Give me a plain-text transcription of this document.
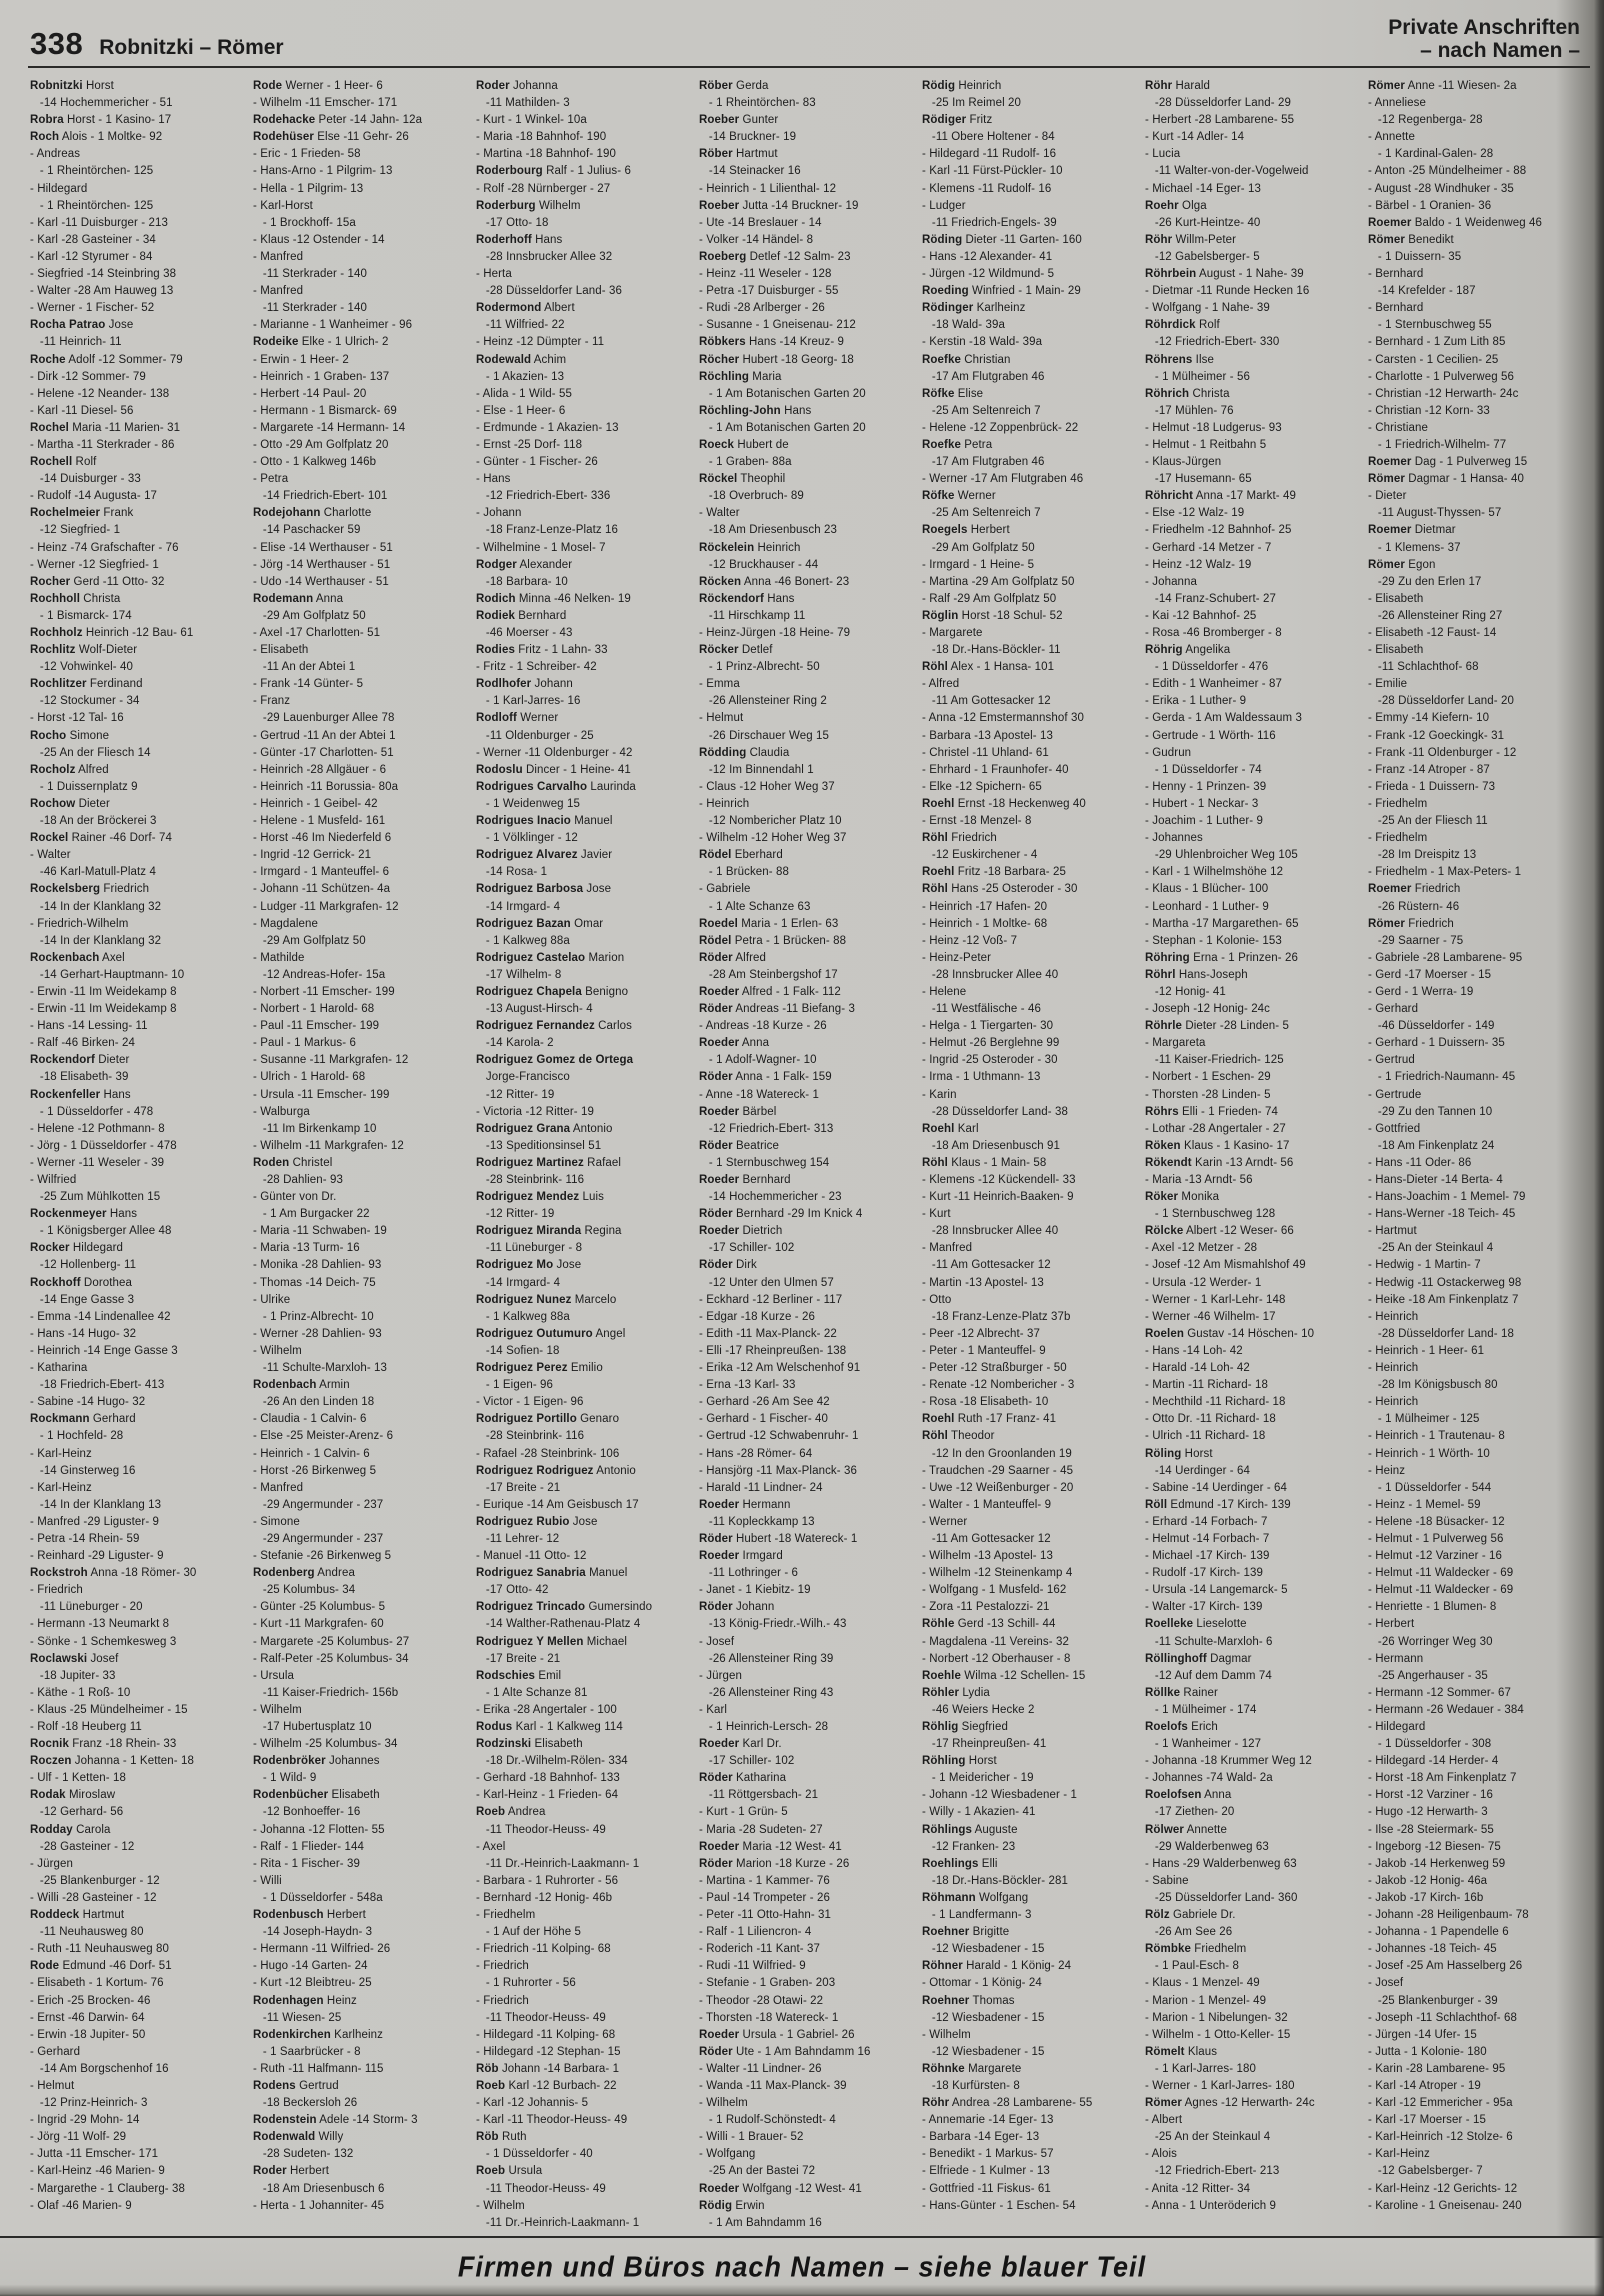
338 Robnitzki – Römer
Private Anschriften
– nach Namen –
Robnitzki Horst
-14 Hochemmericher - 51
Robra Horst - 1 Kasino- 17
Roch Alois - 1 Moltke- 92
- Andreas
- 1 Rheintörchen- 125
- Hildegard
- 1 Rheintörchen- 125
- Karl -11 Duisburger - 213
- Karl -28 Gasteiner - 34
- Karl -12 Styrumer - 84
- Siegfried -14 Steinbring 38
- Walter -28 Am Hauweg 13
- Werner - 1 Fischer- 52
Rocha Patrao Jose
-11 Heinrich- 11
Roche Adolf -12 Sommer- 79
- Dirk -12 Sommer- 79
- Helene -12 Neander- 138
- Karl -11 Diesel- 56
Rochel Maria -11 Marien- 31
- Martha -11 Sterkrader - 86
Rochell Rolf
-14 Duisburger - 33
- Rudolf -14 Augusta- 17
Rochelmeier Frank
-12 Siegfried- 1
- Heinz -74 Grafschafter - 76
- Werner -12 Siegfried- 1
Rocher Gerd -11 Otto- 32
Rochholl Christa
- 1 Bismarck- 174
Rochholz Heinrich -12 Bau- 61
Rochlitz Wolf-Dieter
-12 Vohwinkel- 40
Rochlitzer Ferdinand
-12 Stockumer - 34
- Horst -12 Tal- 16
Rocho Simone
-25 An der Fliesch 14
Rocholz Alfred
- 1 Duissernplatz 9
Rochow Dieter
-18 An der Bröckerei 3
Rockel Rainer -46 Dorf- 74
- Walter
-46 Karl-Matull-Platz 4
Rockelsberg Friedrich
-14 In der Klanklang 32
- Friedrich-Wilhelm
-14 In der Klanklang 32
Rockenbach Axel
-14 Gerhart-Hauptmann- 10
- Erwin -11 Im Weidekamp 8
- Erwin -11 Im Weidekamp 8
- Hans -14 Lessing- 11
- Ralf -46 Birken- 24
Rockendorf Dieter
-18 Elisabeth- 39
Rockenfeller Hans
- 1 Düsseldorfer - 478
- Helene -12 Pothmann- 8
- Jörg - 1 Düsseldorfer - 478
- Werner -11 Weseler - 39
- Wilfried
-25 Zum Mühlkotten 15
Rockenmeyer Hans
- 1 Königsberger Allee 48
Rocker Hildegard
-12 Hollenberg- 11
Rockhoff Dorothea
-14 Enge Gasse 3
- Emma -14 Lindenallee 42
- Hans -14 Hugo- 32
- Heinrich -14 Enge Gasse 3
- Katharina
-18 Friedrich-Ebert- 413
- Sabine -14 Hugo- 32
Rockmann Gerhard
- 1 Hochfeld- 28
- Karl-Heinz
-14 Ginsterweg 16
- Karl-Heinz
-14 In der Klanklang 13
- Manfred -29 Liguster- 9
- Petra -14 Rhein- 59
- Reinhard -29 Liguster- 9
Rockstroh Anna -18 Römer- 30
- Friedrich
-11 Lüneburger - 20
- Hermann -13 Neumarkt 8
- Sönke - 1 Schemkesweg 3
Roclawski Josef
-18 Jupiter- 33
- Käthe - 1 Roß- 10
- Klaus -25 Mündelheimer - 15
- Rolf -18 Heuberg 11
Rocnik Franz -18 Rhein- 33
Roczen Johanna - 1 Ketten- 18
- Ulf - 1 Ketten- 18
Rodak Miroslaw
-12 Gerhard- 56
Rodday Carola
-28 Gasteiner - 12
- Jürgen
-25 Blankenburger - 12
- Willi -28 Gasteiner - 12
Roddeck Hartmut
-11 Neuhausweg 80
- Ruth -11 Neuhausweg 80
Rode Edmund -46 Dorf- 51
- Elisabeth - 1 Kortum- 76
- Erich -25 Brocken- 46
- Ernst -46 Darwin- 64
- Erwin -18 Jupiter- 50
- Gerhard
-14 Am Borgschenhof 16
- Helmut
-12 Prinz-Heinrich- 3
- Ingrid -29 Mohn- 14
- Jörg -11 Wolf- 29
- Jutta -11 Emscher- 171
- Karl-Heinz -46 Marien- 9
- Margarethe - 1 Clauberg- 38
- Olaf -46 Marien- 9
Rode Werner - 1 Heer- 6
- Wilhelm -11 Emscher- 171
Rodehacke Peter -14 Jahn- 12a
Rodehüser Else -11 Gehr- 26
- Eric - 1 Frieden- 58
- Hans-Arno - 1 Pilgrim- 13
- Hella - 1 Pilgrim- 13
- Karl-Horst
- 1 Brockhoff- 15a
- Klaus -12 Ostender - 14
- Manfred
-11 Sterkrader - 140
- Manfred
-11 Sterkrader - 140
- Marianne - 1 Wanheimer - 96
Rodeike Elke - 1 Ulrich- 2
- Erwin - 1 Heer- 2
- Heinrich - 1 Graben- 137
- Herbert -14 Paul- 20
- Hermann - 1 Bismarck- 69
- Margarete -14 Hermann- 14
- Otto -29 Am Golfplatz 20
- Otto - 1 Kalkweg 146b
- Petra
-14 Friedrich-Ebert- 101
Rodejohann Charlotte
-14 Paschacker 59
- Elise -14 Werthauser - 51
- Jörg -14 Werthauser - 51
- Udo -14 Werthauser - 51
Rodemann Anna
-29 Am Golfplatz 50
- Axel -17 Charlotten- 51
- Elisabeth
-11 An der Abtei 1
- Frank -14 Günter- 5
- Franz
-29 Lauenburger Allee 78
- Gertrud -11 An der Abtei 1
- Günter -17 Charlotten- 51
- Heinrich -28 Allgäuer - 6
- Heinrich -11 Borussia- 80a
- Heinrich - 1 Geibel- 42
- Helene - 1 Musfeld- 161
- Horst -46 Im Niederfeld 6
- Ingrid -12 Gerrick- 21
- Irmgard - 1 Manteuffel- 6
- Johann -11 Schützen- 4a
- Ludger -11 Markgrafen- 12
- Magdalene
-29 Am Golfplatz 50
- Mathilde
-12 Andreas-Hofer- 15a
- Norbert -11 Emscher- 199
- Norbert - 1 Harold- 68
- Paul -11 Emscher- 199
- Paul - 1 Markus- 6
- Susanne -11 Markgrafen- 12
- Ulrich - 1 Harold- 68
- Ursula -11 Emscher- 199
- Walburga
-11 Im Birkenkamp 10
- Wilhelm -11 Markgrafen- 12
Roden Christel
-28 Dahlien- 93
- Günter von Dr.
- 1 Am Burgacker 22
- Maria -11 Schwaben- 19
- Maria -13 Turm- 16
- Monika -28 Dahlien- 93
- Thomas -14 Deich- 75
- Ulrike
- 1 Prinz-Albrecht- 10
- Werner -28 Dahlien- 93
- Wilhelm
-11 Schulte-Marxloh- 13
Rodenbach Armin
-26 An den Linden 18
- Claudia - 1 Calvin- 6
- Else -25 Meister-Arenz- 6
- Heinrich - 1 Calvin- 6
- Horst -26 Birkenweg 5
- Manfred
-29 Angermunder - 237
- Simone
-29 Angermunder - 237
- Stefanie -26 Birkenweg 5
Rodenberg Andrea
-25 Kolumbus- 34
- Günter -25 Kolumbus- 5
- Kurt -11 Markgrafen- 60
- Margarete -25 Kolumbus- 27
- Ralf-Peter -25 Kolumbus- 34
- Ursula
-11 Kaiser-Friedrich- 156b
- Wilhelm
-17 Hubertusplatz 10
- Wilhelm -25 Kolumbus- 34
Rodenbröker Johannes
- 1 Wild- 9
Rodenbücher Elisabeth
-12 Bonhoeffer- 16
- Johanna -12 Flotten- 55
- Ralf - 1 Flieder- 144
- Rita - 1 Fischer- 39
- Willi
- 1 Düsseldorfer - 548a
Rodenbusch Herbert
-14 Joseph-Haydn- 3
- Hermann -11 Wilfried- 26
- Hugo -14 Garten- 24
- Kurt -12 Bleibtreu- 25
Rodenhagen Heinz
-11 Wiesen- 25
Rodenkirchen Karlheinz
- 1 Saarbrücker - 8
- Ruth -11 Halfmann- 115
Rodens Gertrud
-18 Beckersloh 26
Rodenstein Adele -14 Storm- 3
Rodenwald Willy
-28 Sudeten- 132
Roder Herbert
-18 Am Driesenbusch 6
- Herta - 1 Johanniter- 45
Roder Johanna
-11 Mathilden- 3
- Kurt - 1 Winkel- 10a
- Maria -18 Bahnhof- 190
- Martina -18 Bahnhof- 190
Roderbourg Ralf - 1 Julius- 6
- Rolf -28 Nürnberger - 27
Roderburg Wilhelm
-17 Otto- 18
Roderhoff Hans
-28 Innsbrucker Allee 32
- Herta
-28 Düsseldorfer Land- 36
Rodermond Albert
-11 Wilfried- 22
- Heinz -12 Dümpter - 11
Rodewald Achim
- 1 Akazien- 13
- Alida - 1 Wild- 55
- Else - 1 Heer- 6
- Erdmunde - 1 Akazien- 13
- Ernst -25 Dorf- 118
- Günter - 1 Fischer- 26
- Hans
-12 Friedrich-Ebert- 336
- Johann
-18 Franz-Lenze-Platz 16
- Wilhelmine - 1 Mosel- 7
Rodger Alexander
-18 Barbara- 10
Rodich Minna -46 Nelken- 19
Rodiek Bernhard
-46 Moerser - 43
Rodies Fritz - 1 Lahn- 33
- Fritz - 1 Schreiber- 42
Rodlhofer Johann
- 1 Karl-Jarres- 16
Rodloff Werner
-11 Oldenburger - 25
- Werner -11 Oldenburger - 42
Rodoslu Dincer - 1 Heine- 41
Rodrigues Carvalho Laurinda
- 1 Weidenweg 15
Rodrigues Inacio Manuel
- 1 Völklinger - 12
Rodriguez Alvarez Javier
-14 Rosa- 1
Rodriguez Barbosa Jose
-14 Irmgard- 4
Rodriguez Bazan Omar
- 1 Kalkweg 88a
Rodriguez Castelao Marion
-17 Wilhelm- 8
Rodriguez Chapela Benigno
-13 August-Hirsch- 4
Rodriguez Fernandez Carlos
-14 Karola- 2
Rodriguez Gomez de Ortega
Jorge-Francisco
-12 Ritter- 19
- Victoria -12 Ritter- 19
Rodriguez Grana Antonio
-13 Speditionsinsel 51
Rodriguez Martinez Rafael
-28 Steinbrink- 116
Rodriguez Mendez Luis
-12 Ritter- 19
Rodriguez Miranda Regina
-11 Lüneburger - 8
Rodriguez Mo Jose
-14 Irmgard- 4
Rodriguez Nunez Marcelo
- 1 Kalkweg 88a
Rodriguez Outumuro Angel
-14 Sofien- 18
Rodriguez Perez Emilio
- 1 Eigen- 96
- Victor - 1 Eigen- 96
Rodriguez Portillo Genaro
-28 Steinbrink- 116
- Rafael -28 Steinbrink- 106
Rodriguez Rodriguez Antonio
-17 Breite - 21
- Eurique -14 Am Geisbusch 17
Rodriguez Rubio Jose
-11 Lehrer- 12
- Manuel -11 Otto- 12
Rodriguez Sanabria Manuel
-17 Otto- 42
Rodriguez Trincado Gumersindo
-14 Walther-Rathenau-Platz 4
Rodriguez Y Mellen Michael
-17 Breite - 21
Rodschies Emil
- 1 Alte Schanze 81
- Erika -28 Angertaler - 100
Rodus Karl - 1 Kalkweg 114
Rodzinski Elisabeth
-18 Dr.-Wilhelm-Rölen- 334
- Gerhard -18 Bahnhof- 133
- Karl-Heinz - 1 Frieden- 64
Roeb Andrea
-11 Theodor-Heuss- 49
- Axel
-11 Dr.-Heinrich-Laakmann- 1
- Barbara - 1 Ruhrorter - 56
- Bernhard -12 Honig- 46b
- Friedhelm
- 1 Auf der Höhe 5
- Friedrich -11 Kolping- 68
- Friedrich
- 1 Ruhrorter - 56
- Friedrich
-11 Theodor-Heuss- 49
- Hildegard -11 Kolping- 68
- Hildegard -12 Stephan- 15
Röb Johann -14 Barbara- 1
Roeb Karl -12 Burbach- 22
- Karl -12 Johannis- 5
- Karl -11 Theodor-Heuss- 49
Röb Ruth
- 1 Düsseldorfer - 40
Roeb Ursula
-11 Theodor-Heuss- 49
- Wilhelm
-11 Dr.-Heinrich-Laakmann- 1
Röber Gerda
- 1 Rheintörchen- 83
Roeber Gunter
-14 Bruckner- 19
Röber Hartmut
-14 Steinacker 16
- Heinrich - 1 Lilienthal- 12
Roeber Jutta -14 Bruckner- 19
- Ute -14 Breslauer - 14
- Volker -14 Händel- 8
Roeberg Detlef -12 Salm- 23
- Heinz -11 Weseler - 128
- Petra -17 Duisburger - 55
- Rudi -28 Arlberger - 26
- Susanne - 1 Gneisenau- 212
Röbkers Hans -14 Kreuz- 9
Röcher Hubert -18 Georg- 18
Röchling Maria
- 1 Am Botanischen Garten 20
Röchling-John Hans
- 1 Am Botanischen Garten 20
Roeck Hubert de
- 1 Graben- 88a
Röckel Theophil
-18 Overbruch- 89
- Walter
-18 Am Driesenbusch 23
Röckelein Heinrich
-12 Bruckhauser - 44
Röcken Anna -46 Bonert- 23
Röckendorf Hans
-11 Hirschkamp 11
- Heinz-Jürgen -18 Heine- 79
Röcker Detlef
- 1 Prinz-Albrecht- 50
- Emma
-26 Allensteiner Ring 2
- Helmut
-26 Dirschauer Weg 15
Rödding Claudia
-12 Im Binnendahl 1
- Claus -12 Hoher Weg 37
- Heinrich
-12 Nombericher Platz 10
- Wilhelm -12 Hoher Weg 37
Rödel Eberhard
- 1 Brücken- 88
- Gabriele
- 1 Alte Schanze 63
Roedel Maria - 1 Erlen- 63
Rödel Petra - 1 Brücken- 88
Röder Alfred
-28 Am Steinbergshof 17
Roeder Alfred - 1 Falk- 112
Röder Andreas -11 Biefang- 3
- Andreas -18 Kurze - 26
Roeder Anna
- 1 Adolf-Wagner- 10
Röder Anna - 1 Falk- 159
- Anne -18 Watereck- 1
Roeder Bärbel
-12 Friedrich-Ebert- 313
Röder Beatrice
- 1 Sternbuschweg 154
Roeder Bernhard
-14 Hochemmericher - 23
Röder Bernhard -29 Im Knick 4
Roeder Dietrich
-17 Schiller- 102
Röder Dirk
-12 Unter den Ulmen 57
- Eckhard -12 Berliner - 117
- Edgar -18 Kurze - 26
- Edith -11 Max-Planck- 22
- Elli -17 Rheinpreußen- 138
- Erika -12 Am Welschenhof 91
- Erna -13 Karl- 33
- Gerhard -26 Am See 42
- Gerhard - 1 Fischer- 40
- Gertrud -12 Schwabenruhr- 1
- Hans -28 Römer- 64
- Hansjörg -11 Max-Planck- 36
- Harald -11 Lindner- 24
Roeder Hermann
-11 Kopleckkamp 13
Röder Hubert -18 Watereck- 1
Roeder Irmgard
-11 Lothringer - 6
- Janet - 1 Kiebitz- 19
Röder Johann
-13 König-Friedr.-Wilh.- 43
- Josef
-26 Allensteiner Ring 39
- Jürgen
-26 Allensteiner Ring 43
- Karl
- 1 Heinrich-Lersch- 28
Roeder Karl Dr.
-17 Schiller- 102
Röder Katharina
-11 Röttgersbach- 21
- Kurt - 1 Grün- 5
- Maria -28 Sudeten- 27
Roeder Maria -12 West- 41
Röder Marion -18 Kurze - 26
- Martina - 1 Kammer- 76
- Paul -14 Trompeter - 26
- Peter -11 Otto-Hahn- 31
- Ralf - 1 Liliencron- 4
- Roderich -11 Kant- 37
- Rudi -11 Wilfried- 9
- Stefanie - 1 Graben- 203
- Theodor -28 Otawi- 22
- Thorsten -18 Watereck- 1
Roeder Ursula - 1 Gabriel- 26
Röder Ute - 1 Am Bahndamm 16
- Walter -11 Lindner- 26
- Wanda -11 Max-Planck- 39
- Wilhelm
- 1 Rudolf-Schönstedt- 4
- Willi - 1 Brauer- 52
- Wolfgang
-25 An der Bastei 72
Roeder Wolfgang -12 West- 41
Rödig Erwin
- 1 Am Bahndamm 16
Rödig Heinrich
-25 Im Reimel 20
Rödiger Fritz
-11 Obere Holtener - 84
- Hildegard -11 Rudolf- 16
- Karl -11 Fürst-Pückler- 10
- Klemens -11 Rudolf- 16
- Ludger
-11 Friedrich-Engels- 39
Röding Dieter -11 Garten- 160
- Hans -12 Alexander- 41
- Jürgen -12 Wildmund- 5
Roeding Winfried - 1 Main- 29
Rödinger Karlheinz
-18 Wald- 39a
- Kerstin -18 Wald- 39a
Roefke Christian
-17 Am Flutgraben 46
Röfke Elise
-25 Am Seltenreich 7
- Helene -12 Zoppenbrück- 22
Roefke Petra
-17 Am Flutgraben 46
- Werner -17 Am Flutgraben 46
Röfke Werner
-25 Am Seltenreich 7
Roegels Herbert
-29 Am Golfplatz 50
- Irmgard - 1 Heine- 5
- Martina -29 Am Golfplatz 50
- Ralf -29 Am Golfplatz 50
Röglin Horst -18 Schul- 52
- Margarete
-18 Dr.-Hans-Böckler- 11
Röhl Alex - 1 Hansa- 101
- Alfred
-11 Am Gottesacker 12
- Anna -12 Emstermannshof 30
- Barbara -13 Apostel- 13
- Christel -11 Uhland- 61
- Ehrhard - 1 Fraunhofer- 40
- Elke -12 Spichern- 65
Roehl Ernst -18 Heckenweg 40
- Ernst -18 Menzel- 8
Röhl Friedrich
-12 Euskirchener - 4
Roehl Fritz -18 Barbara- 25
Röhl Hans -25 Osteroder - 30
- Heinrich -17 Hafen- 20
- Heinrich - 1 Moltke- 68
- Heinz -12 Voß- 7
- Heinz-Peter
-28 Innsbrucker Allee 40
- Helene
-11 Westfälische - 46
- Helga - 1 Tiergarten- 30
- Helmut -26 Berglehne 99
- Ingrid -25 Osteroder - 30
- Irma - 1 Uthmann- 13
- Karin
-28 Düsseldorfer Land- 38
Roehl Karl
-18 Am Driesenbusch 91
Röhl Klaus - 1 Main- 58
- Klemens -12 Kückendell- 33
- Kurt -11 Heinrich-Baaken- 9
- Kurt
-28 Innsbrucker Allee 40
- Manfred
-11 Am Gottesacker 12
- Martin -13 Apostel- 13
- Otto
-18 Franz-Lenze-Platz 37b
- Peer -12 Albrecht- 37
- Peter - 1 Manteuffel- 9
- Peter -12 Straßburger - 50
- Renate -12 Nombericher - 3
- Rosa -18 Elisabeth- 10
Roehl Ruth -17 Franz- 41
Röhl Theodor
-12 In den Groonlanden 19
- Traudchen -29 Saarner - 45
- Uwe -12 Weißenburger - 20
- Walter - 1 Manteuffel- 9
- Werner
-11 Am Gottesacker 12
- Wilhelm -13 Apostel- 13
- Wilhelm -12 Steinenkamp 4
- Wolfgang - 1 Musfeld- 162
- Zora -11 Pestalozzi- 21
Röhle Gerd -13 Schill- 44
- Magdalena -11 Vereins- 32
- Norbert -12 Oberhauser - 8
Roehle Wilma -12 Schellen- 15
Röhler Lydia
-46 Weiers Hecke 2
Röhlig Siegfried
-17 Rheinpreußen- 41
Röhling Horst
- 1 Meidericher - 19
- Johann -12 Wiesbadener - 1
- Willy - 1 Akazien- 41
Röhlings Auguste
-12 Franken- 23
Roehlings Elli
-18 Dr.-Hans-Böckler- 281
Röhmann Wolfgang
- 1 Landfermann- 3
Roehner Brigitte
-12 Wiesbadener - 15
Röhner Harald - 1 König- 24
- Ottomar - 1 König- 24
Roehner Thomas
-12 Wiesbadener - 15
- Wilhelm
-12 Wiesbadener - 15
Röhnke Margarete
-18 Kurfürsten- 8
Röhr Andrea -28 Lambarene- 55
- Annemarie -14 Eger- 13
- Barbara -14 Eger- 13
- Benedikt - 1 Markus- 57
- Elfriede - 1 Kulmer - 13
- Gottfried -11 Fiskus- 61
- Hans-Günter - 1 Eschen- 54
Röhr Harald
-28 Düsseldorfer Land- 29
- Herbert -28 Lambarene- 55
- Kurt -14 Adler- 14
- Lucia
-11 Walter-von-der-Vogelweid
- Michael -14 Eger- 13
Roehr Olga
-26 Kurt-Heintze- 40
Röhr Willm-Peter
-12 Gabelsberger- 5
Röhrbein August - 1 Nahe- 39
- Dietmar -11 Runde Hecken 16
- Wolfgang - 1 Nahe- 39
Röhrdick Rolf
-12 Friedrich-Ebert- 330
Röhrens Ilse
- 1 Mülheimer - 56
Röhrich Christa
-17 Mühlen- 76
- Helmut -18 Ludgerus- 93
- Helmut - 1 Reitbahn 5
- Klaus-Jürgen
-17 Husemann- 65
Röhricht Anna -17 Markt- 49
- Else -12 Walz- 19
- Friedhelm -12 Bahnhof- 25
- Gerhard -14 Metzer - 7
- Heinz -12 Walz- 19
- Johanna
-14 Franz-Schubert- 27
- Kai -12 Bahnhof- 25
- Rosa -46 Bromberger - 8
Röhrig Angelika
- 1 Düsseldorfer - 476
- Edith - 1 Wanheimer - 87
- Erika - 1 Luther- 9
- Gerda - 1 Am Waldessaum 3
- Gertrude - 1 Wörth- 116
- Gudrun
- 1 Düsseldorfer - 74
- Henny - 1 Prinzen- 39
- Hubert - 1 Neckar- 3
- Joachim - 1 Luther- 9
- Johannes
-29 Uhlenbroicher Weg 105
- Karl - 1 Wilhelmshöhe 12
- Klaus - 1 Blücher- 100
- Leonhard - 1 Luther- 9
- Martha -17 Margarethen- 65
- Stephan - 1 Kolonie- 153
Röhring Erna - 1 Prinzen- 26
Röhrl Hans-Joseph
-12 Honig- 41
- Joseph -12 Honig- 24c
Röhrle Dieter -28 Linden- 5
- Margareta
-11 Kaiser-Friedrich- 125
- Norbert - 1 Eschen- 29
- Thorsten -28 Linden- 5
Röhrs Elli - 1 Frieden- 74
- Lothar -28 Angertaler - 27
Röken Klaus - 1 Kasino- 17
Rökendt Karin -13 Arndt- 56
- Maria -13 Arndt- 56
Röker Monika
- 1 Sternbuschweg 128
Rölcke Albert -12 Weser- 66
- Axel -12 Metzer - 28
- Josef -12 Am Mismahlshof 49
- Ursula -12 Werder- 1
- Werner - 1 Karl-Lehr- 148
- Werner -46 Wilhelm- 17
Roelen Gustav -14 Höschen- 10
- Hans -14 Loh- 42
- Harald -14 Loh- 42
- Martin -11 Richard- 18
- Mechthild -11 Richard- 18
- Otto Dr. -11 Richard- 18
- Ulrich -11 Richard- 18
Röling Horst
-14 Uerdinger - 64
- Sabine -14 Uerdinger - 64
Röll Edmund -17 Kirch- 139
- Erhard -14 Forbach- 7
- Helmut -14 Forbach- 7
- Michael -17 Kirch- 139
- Rudolf -17 Kirch- 139
- Ursula -14 Langemarck- 5
- Walter -17 Kirch- 139
Roelleke Lieselotte
-11 Schulte-Marxloh- 6
Röllinghoff Dagmar
-12 Auf dem Damm 74
Röllke Rainer
- 1 Mülheimer - 174
Roelofs Erich
- 1 Wanheimer - 127
- Johanna -18 Krummer Weg 12
- Johannes -74 Wald- 2a
Roelofsen Anna
-17 Ziethen- 20
Rölwer Annette
-29 Walderbenweg 63
- Hans -29 Walderbenweg 63
- Sabine
-25 Düsseldorfer Land- 360
Rölz Gabriele Dr.
-26 Am See 26
Römbke Friedhelm
- 1 Paul-Esch- 8
- Klaus - 1 Menzel- 49
- Marion - 1 Menzel- 49
- Marion - 1 Nibelungen- 32
- Wilhelm - 1 Otto-Keller- 15
Römelt Klaus
- 1 Karl-Jarres- 180
- Werner - 1 Karl-Jarres- 180
Römer Agnes -12 Herwarth- 24c
- Albert
-25 An der Steinkaul 4
- Alois
-12 Friedrich-Ebert- 213
- Anita -12 Ritter- 34
- Anna - 1 Unteröderich 9
Römer Anne -11 Wiesen- 2a
- Anneliese
-12 Regenberga- 28
- Annette
- 1 Kardinal-Galen- 28
- Anton -25 Mündelheimer - 88
- August -28 Windhuker - 35
- Bärbel - 1 Oranien- 36
Roemer Baldo - 1 Weidenweg 46
Römer Benedikt
- 1 Duissern- 35
- Bernhard
-14 Krefelder - 187
- Bernhard
- 1 Sternbuschweg 55
- Bernhard - 1 Zum Lith 85
- Carsten - 1 Cecilien- 25
- Charlotte - 1 Pulverweg 56
- Christian -12 Herwarth- 24c
- Christian -12 Korn- 33
- Christiane
- 1 Friedrich-Wilhelm- 77
Roemer Dag - 1 Pulverweg 15
Römer Dagmar - 1 Hansa- 40
- Dieter
-11 August-Thyssen- 57
Roemer Dietmar
- 1 Klemens- 37
Römer Egon
-29 Zu den Erlen 17
- Elisabeth
-26 Allensteiner Ring 27
- Elisabeth -12 Faust- 14
- Elisabeth
-11 Schlachthof- 68
- Emilie
-28 Düsseldorfer Land- 20
- Emmy -14 Kiefern- 10
- Frank -12 Goeckingk- 31
- Frank -11 Oldenburger - 12
- Franz -14 Atroper - 87
- Frieda - 1 Duissern- 73
- Friedhelm
-25 An der Fliesch 11
- Friedhelm
-28 Im Dreispitz 13
- Friedhelm - 1 Max-Peters- 1
Roemer Friedrich
-26 Rüstern- 46
Römer Friedrich
-29 Saarner - 75
- Gabriele -28 Lambarene- 95
- Gerd -17 Moerser - 15
- Gerd - 1 Werra- 19
- Gerhard
-46 Düsseldorfer - 149
- Gerhard - 1 Duissern- 35
- Gertrud
- 1 Friedrich-Naumann- 45
- Gertrude
-29 Zu den Tannen 10
- Gottfried
-18 Am Finkenplatz 24
- Hans -11 Oder- 86
- Hans-Dieter -14 Berta- 4
- Hans-Joachim - 1 Memel- 79
- Hans-Werner -18 Teich- 45
- Hartmut
-25 An der Steinkaul 4
- Hedwig - 1 Martin- 7
- Hedwig -11 Ostackerweg 98
- Heike -18 Am Finkenplatz 7
- Heinrich
-28 Düsseldorfer Land- 18
- Heinrich - 1 Heer- 61
- Heinrich
-28 Im Königsbusch 80
- Heinrich
- 1 Mülheimer - 125
- Heinrich - 1 Trautenau- 8
- Heinrich - 1 Wörth- 10
- Heinz
- 1 Düsseldorfer - 544
- Heinz - 1 Memel- 59
- Helene -18 Büsacker- 12
- Helmut - 1 Pulverweg 56
- Helmut -12 Varziner - 16
- Helmut -11 Waldecker - 69
- Helmut -11 Waldecker - 69
- Henriette - 1 Blumen- 8
- Herbert
-26 Worringer Weg 30
- Hermann
-25 Angerhauser - 35
- Hermann -12 Sommer- 67
- Hermann -26 Wedauer - 384
- Hildegard
- 1 Düsseldorfer - 308
- Hildegard -14 Herder- 4
- Horst -18 Am Finkenplatz 7
- Horst -12 Varziner - 16
- Hugo -12 Herwarth- 3
- Ilse -28 Steiermark- 55
- Ingeborg -12 Biesen- 75
- Jakob -14 Herkenweg 59
- Jakob -12 Honig- 46a
- Jakob -17 Kirch- 16b
- Johann -28 Heiligenbaum- 78
- Johanna - 1 Papendelle 6
- Johannes -18 Teich- 45
- Josef -25 Am Hasselberg 26
- Josef
-25 Blankenburger - 39
- Joseph -11 Schlachthof- 68
- Jürgen -14 Ufer- 15
- Jutta - 1 Kolonie- 180
- Karin -28 Lambarene- 95
- Karl -14 Atroper - 19
- Karl -12 Emmericher - 95a
- Karl -17 Moerser - 15
- Karl-Heinrich -12 Stolze- 6
- Karl-Heinz
-12 Gabelsberger- 7
- Karl-Heinz -12 Gerichts- 12
- Karoline - 1 Gneisenau- 240
Firmen und Büros nach Namen – siehe blauer Teil
